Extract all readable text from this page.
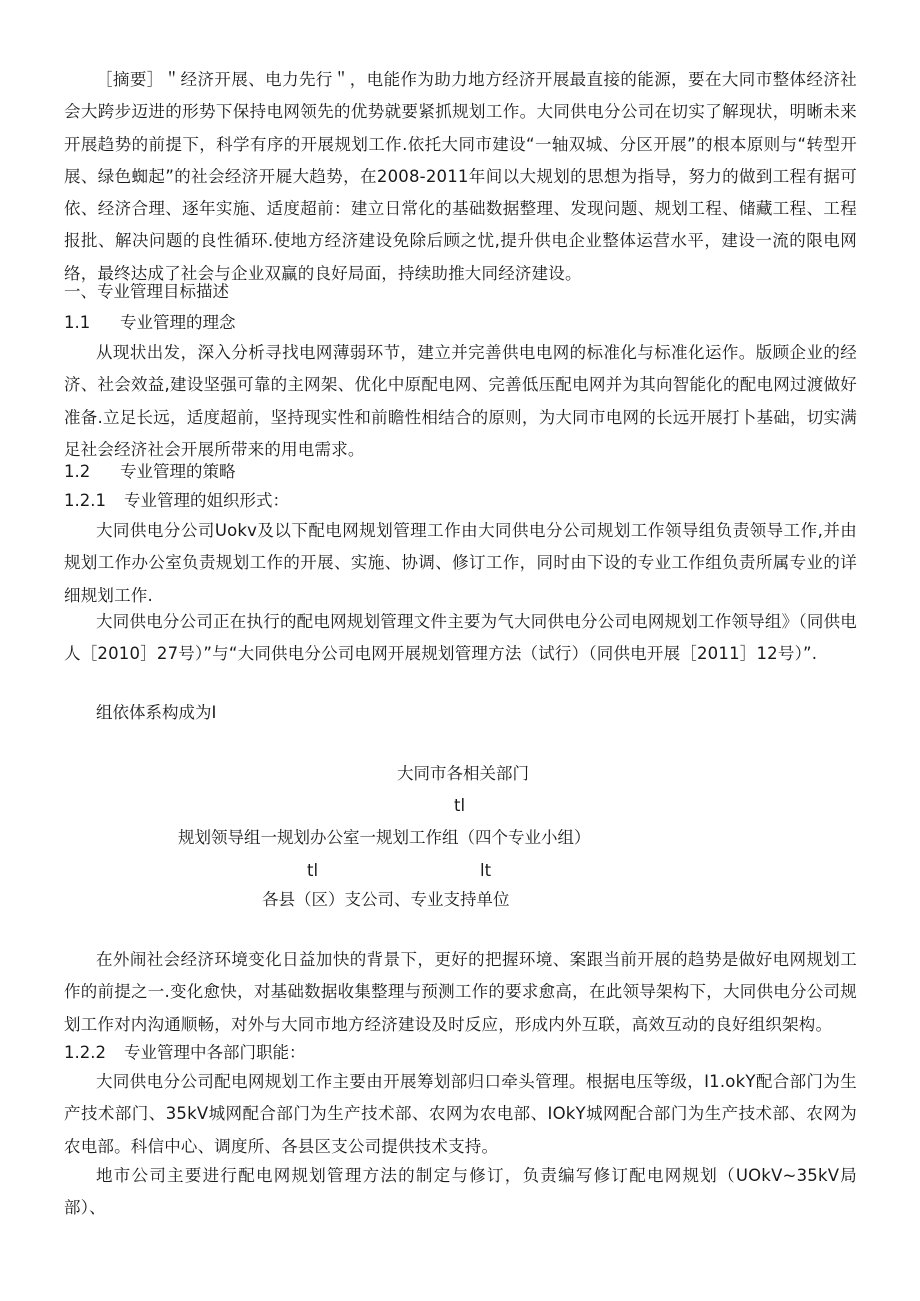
［摘要］＂经济开展、电力先行＂，电能作为助力地方经济开展最直接的能源，要在大同市整体经济社会大跨步迈进的形势下保持电网领先的优势就要紧抓规划工作。大同供电分公司在切实了解现状，明晰未来开展趋势的前提下，科学有序的开展规划工作.依托大同市建设“一轴双城、分区开展”的根本原则与“转型开展、绿色蜘起”的社会经济开屣大趋势，在2008-2011年间以大规划的思想为指导，努力的做到工程有据可依、经济合理、逐年实施、适度超前：建立日常化的基础数据整理、发现问题、规划工程、储藏工程、工程报批、解决问题的良性循环.使地方经济建设免除后顾之忧,提升供电企业整体运营水平，建设一流的限电网络，最终达成了社会与企业双赢的良好局面，持续助推大同经济建设。
一、专业管理目标描述
1.1 专业管理的理念
从现状出发，深入分析寻找电网薄弱环节，建立并完善供电电网的标准化与标准化运作。版顾企业的经济、社会效益,建设坚强可靠的主网架、优化中原配电网、完善低压配电网并为其向智能化的配电网过渡做好准备.立足长远，适度超前，坚持现实性和前瞻性相结合的原则，为大同市电网的长远开展打卜基础，切实满足社会经济社会开展所带来的用电需求。
1.2 专业管理的策略
1.2.1 专业管理的姐织形式：
大同供电分公司Uokv及以下配电网规划管理工作由大同供电分公司规划工作领导组负责领导工作,并由规划工作办公室负责规划工作的开展、实施、协调、修订工作，同时由下设的专业工作组负责所属专业的详细规划工作.
大同供电分公司正在执行的配电网规划管理文件主要为气大同供电分公司电网规划工作领导组》（同供电人［2010］27号）”与“大同供电分公司电网开展规划管理方法（试行）（同供电开展［2011］12号）”.
组依体系构成为I
大同市各相关部门
tl
规划领导组一规划办公室一规划工作组（四个专业小组）
tl	lt
各县（区）支公司、专业支持单位
在外闹社会经济环境变化日益加快的背景下，更好的把握环境、案跟当前开展的趋势是做好电网规划工作的前提之一.变化愈快，对基础数据收集整理与预测工作的要求愈高，在此领导架构下，大同供电分公司规划工作对内沟通顺畅，对外与大同市地方经济建设及时反应，形成内外互联，高效互动的良好组织架构。
1.2.2 专业管理中各部门职能：
大同供电分公司配电网规划工作主要由开展筹划部归口牵头管理。根据电压等级，I1.okY配合部门为生产技术部门、35kV城网配合部门为生产技术部、农网为农电部、IOkY城网配合部门为生产技术部、农网为农电部。科信中心、调度所、各县区支公司提供技术支持。
地市公司主要进行配电网规划管理方法的制定与修订，负责编写修订配电网规划（UOkV~35kV局部）、
